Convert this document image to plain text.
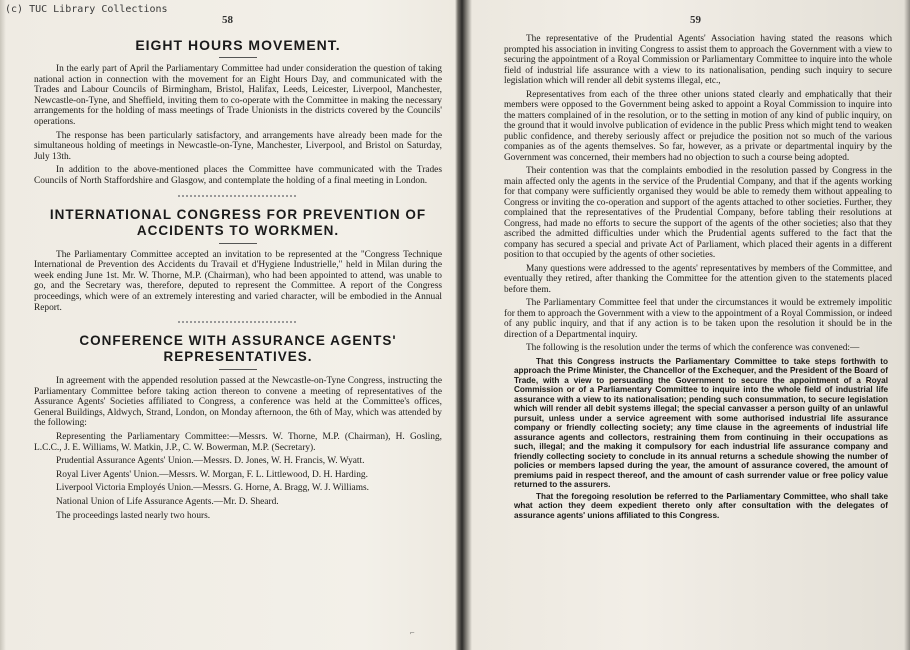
(c) TUC Library Collections
58	59
EIGHT HOURS MOVEMENT.

In the early part of April the Parliamentary Committee had under consideration the question of taking national action in connection with the movement for an Eight Hours Day, and communicated with the Trades and Labour Councils of Birmingham, Bristol, Halifax, Leeds, Leicester, Liverpool, Manchester, Newcastle-on-Tyne, and Sheffield, inviting them to co-operate with the Committee in making the necessary arrangements for the holding of mass meetings of Trade Unionists in the districts covered by the Councils' operations.

The response has been particularly satisfactory, and arrangements have already been made for the simultaneous holding of meetings in Newcastle-on-Tyne, Manchester, Liverpool, and Bristol on Saturday, July 13th.

In addition to the above-mentioned places the Committee have communicated with the Trades Councils of North Staffordshire and Glasgow, and contemplate the holding of a final meeting in London.

INTERNATIONAL CONGRESS FOR PREVENTION OF ACCIDENTS TO WORKMEN.

The Parliamentary Committee accepted an invitation to be represented at the "Congress Technique International de Prevention des Accidents du Travail et d'Hygiene Industrielle," held in Milan during the week ending June 1st. Mr. W. Thorne, M.P. (Chairman), who had been appointed to attend, was unable to go, and the Secretary was, therefore, deputed to represent the Committee. A report of the Congress proceedings, which were of an extremely interesting and varied character, will be embodied in the Annual Report.

CONFERENCE WITH ASSURANCE AGENTS' REPRESENTATIVES.

In agreement with the appended resolution passed at the Newcastle-on-Tyne Congress, instructing the Parliamentary Committee before taking action thereon to convene a meeting of representatives of the Assurance Agents' Societies affiliated to Congress, a conference was held at the Committee's offices, General Buildings, Aldwych, Strand, London, on Monday afternoon, the 6th of May, which was attended by the following:

Representing the Parliamentary Committee:—Messrs. W. Thorne, M.P. (Chairman), H. Gosling, L.C.C., J. E. Williams, W. Matkin, J.P., C. W. Bowerman, M.P. (Secretary).

Prudential Assurance Agents' Union.—Messrs. D. Jones, W. H. Francis, W. Wyatt.

Royal Liver Agents' Union.—Messrs. W. Morgan, F. L. Littlewood, D. H. Harding.

Liverpool Victoria Employés Union.—Messrs. G. Horne, A. Bragg, W. J. Williams.

National Union of Life Assurance Agents.—Mr. D. Sheard.

The proceedings lasted nearly two hours.

The representative of the Prudential Agents' Association having stated the reasons which prompted his association in inviting Congress to assist them to approach the Government with a view to securing the appointment of a Royal Commission or Parliamentary Committee to inquire into the whole field of industrial life assurance with a view to its nationalisation, pending such inquiry to secure legislation which will render all debit systems illegal, etc.,

Representatives from each of the three other unions stated clearly and emphatically that their members were opposed to the Government being asked to appoint a Royal Commission to inquire into the matters complained of in the resolution, or to the setting in motion of any kind of public inquiry, on the ground that it would involve publication of evidence in the public Press which might tend to weaken public confidence, and thereby seriously affect or prejudice the position not so much of the various companies as of the agents themselves. So far, however, as a private or departmental inquiry by the Government was concerned, their members had no objection to such a course being adopted.

Their contention was that the complaints embodied in the resolution passed by Congress in the main affected only the agents in the service of the Prudential Company, and that if the agents working for that company were sufficiently organised they would be able to remedy them without appealing to Congress or inviting the co-operation and support of the agents attached to other societies. Further, they complained that the representatives of the Prudential Company, before tabling their resolutions at Congress, had made no efforts to secure the support of the agents of the other societies; also that they ascribed the admitted difficulties under which the Prudential agents suffered to the fact that the company has secured a special and private Act of Parliament, which placed their agents in a different position to that occupied by the agents of other societies.

Many questions were addressed to the agents' representatives by members of the Committee, and eventually they retired, after thanking the Committee for the attention given to the statements placed before them.

The Parliamentary Committee feel that under the circumstances it would be extremely impolitic for them to approach the Government with a view to the appointment of a Royal Commission, or indeed of any public inquiry, and that if any action is to be taken upon the resolution it should be in the direction of a Departmental inquiry.

The following is the resolution under the terms of which the conference was convened:—

That this Congress instructs the Parliamentary Committee to take steps forthwith to approach the Prime Minister, the Chancellor of the Exchequer, and the President of the Board of Trade, with a view to persuading the Government to secure the appointment of a Royal Commission or of a Parliamentary Committee to inquire into the whole field of industrial life assurance with a view to its nationalisation; pending such consummation, to secure legislation which will render all debit systems illegal; the special canvasser a person guilty of an unlawful pursuit, unless under a service agreement with some authorised industrial life assurance company or friendly collecting society; any time clause in the agreements of industrial life assurance agents and collectors, restraining them from continuing in their occupations as such, illegal; and the making it compulsory for each industrial life assurance company and friendly collecting society to conclude in its annual returns a schedule showing the number of policies or members lapsed during the year, the amount of assurance covered, the amount of premiums paid in respect thereof, and the amount of cash surrender value or free policy value returned to the assurers.

That the foregoing resolution be referred to the Parliamentary Committee, who shall take what action they deem expedient thereto only after consultation with the delegates of assurance agents' unions affiliated to this Congress.

⌐
